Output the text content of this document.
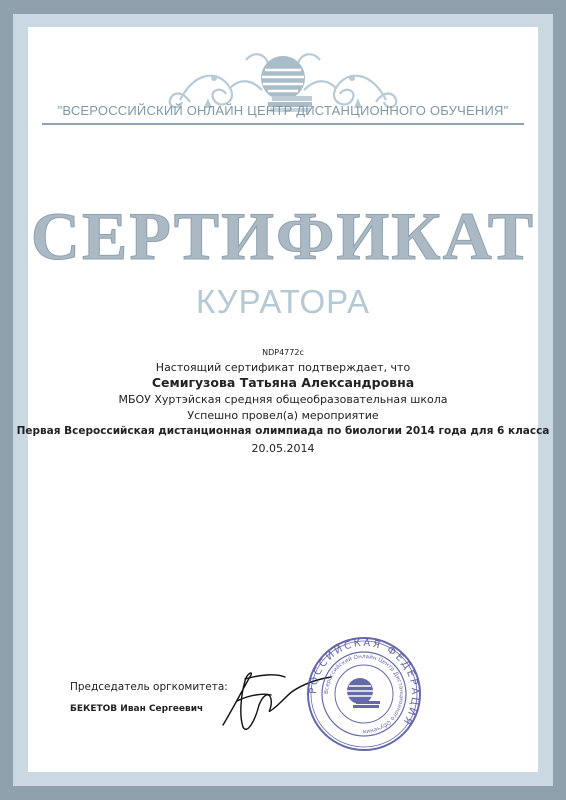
"ВСЕРОССИЙСКИЙ ОНЛАЙН ЦЕНТР ДИСТАНЦИОННОГО ОБУЧЕНИЯ"
СЕРТИФИКАТ
КУРАТОРА
NDP4772c
Настоящий сертификат подтверждает, что
Семигузова Татьяна Александровна
МБОУ Хуртэйская средняя общеобразовательная школа
Успешно провел(а) мероприятие
Первая Всероссийская дистанционная олимпиада по биологии 2014 года для 6 класса
20.05.2014
Председатель оргкомитета:
БЕКЕТОВ Иван Сергеевич
РОССИЙСКАЯ ФЕДЕРАЦИЯ
Всероссийский Онлайн Центр Дистанционного Обучения
